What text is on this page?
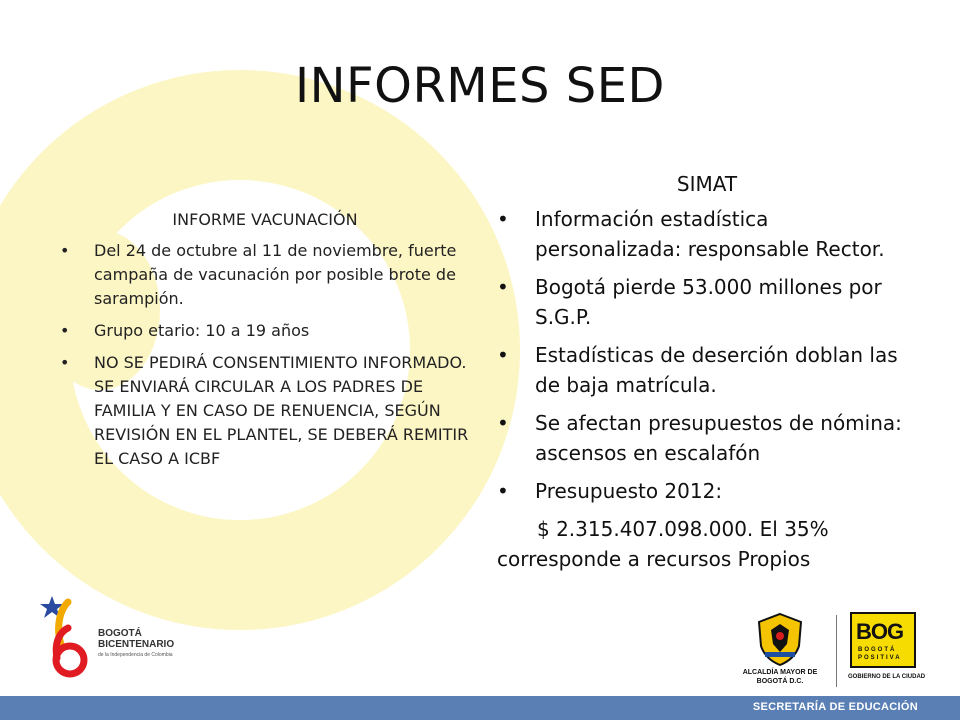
INFORMES SED

INFORME VACUNACIÓN

• Del 24 de octubre al 11 de noviembre, fuerte campaña de vacunación por posible brote de sarampión.
• Grupo etario: 10 a 19 años
• NO SE PEDIRÁ CONSENTIMIENTO INFORMADO. SE ENVIARÁ CIRCULAR A LOS PADRES DE FAMILIA Y EN CASO DE RENUENCIA, SEGÚN REVISIÓN EN EL PLANTEL, SE DEBERÁ REMITIR EL CASO A ICBF

SIMAT

• Información estadística personalizada: responsable Rector.
• Bogotá pierde 53.000 millones por S.G.P.
• Estadísticas de deserción doblan las de baja matrícula.
• Se afectan presupuestos de nómina: ascensos en escalafón
• Presupuesto 2012:

$ 2.315.407.098.000. El 35% corresponde a recursos Propios

BOGOTÁ BICENTENARIO
de la Independencia de Colombia
ALCALDÍA MAYOR DE BOGOTÁ D.C.
BOG
BOGOTÁ POSITIVA
GOBIERNO DE LA CIUDAD
SECRETARÍA DE EDUCACIÓN
